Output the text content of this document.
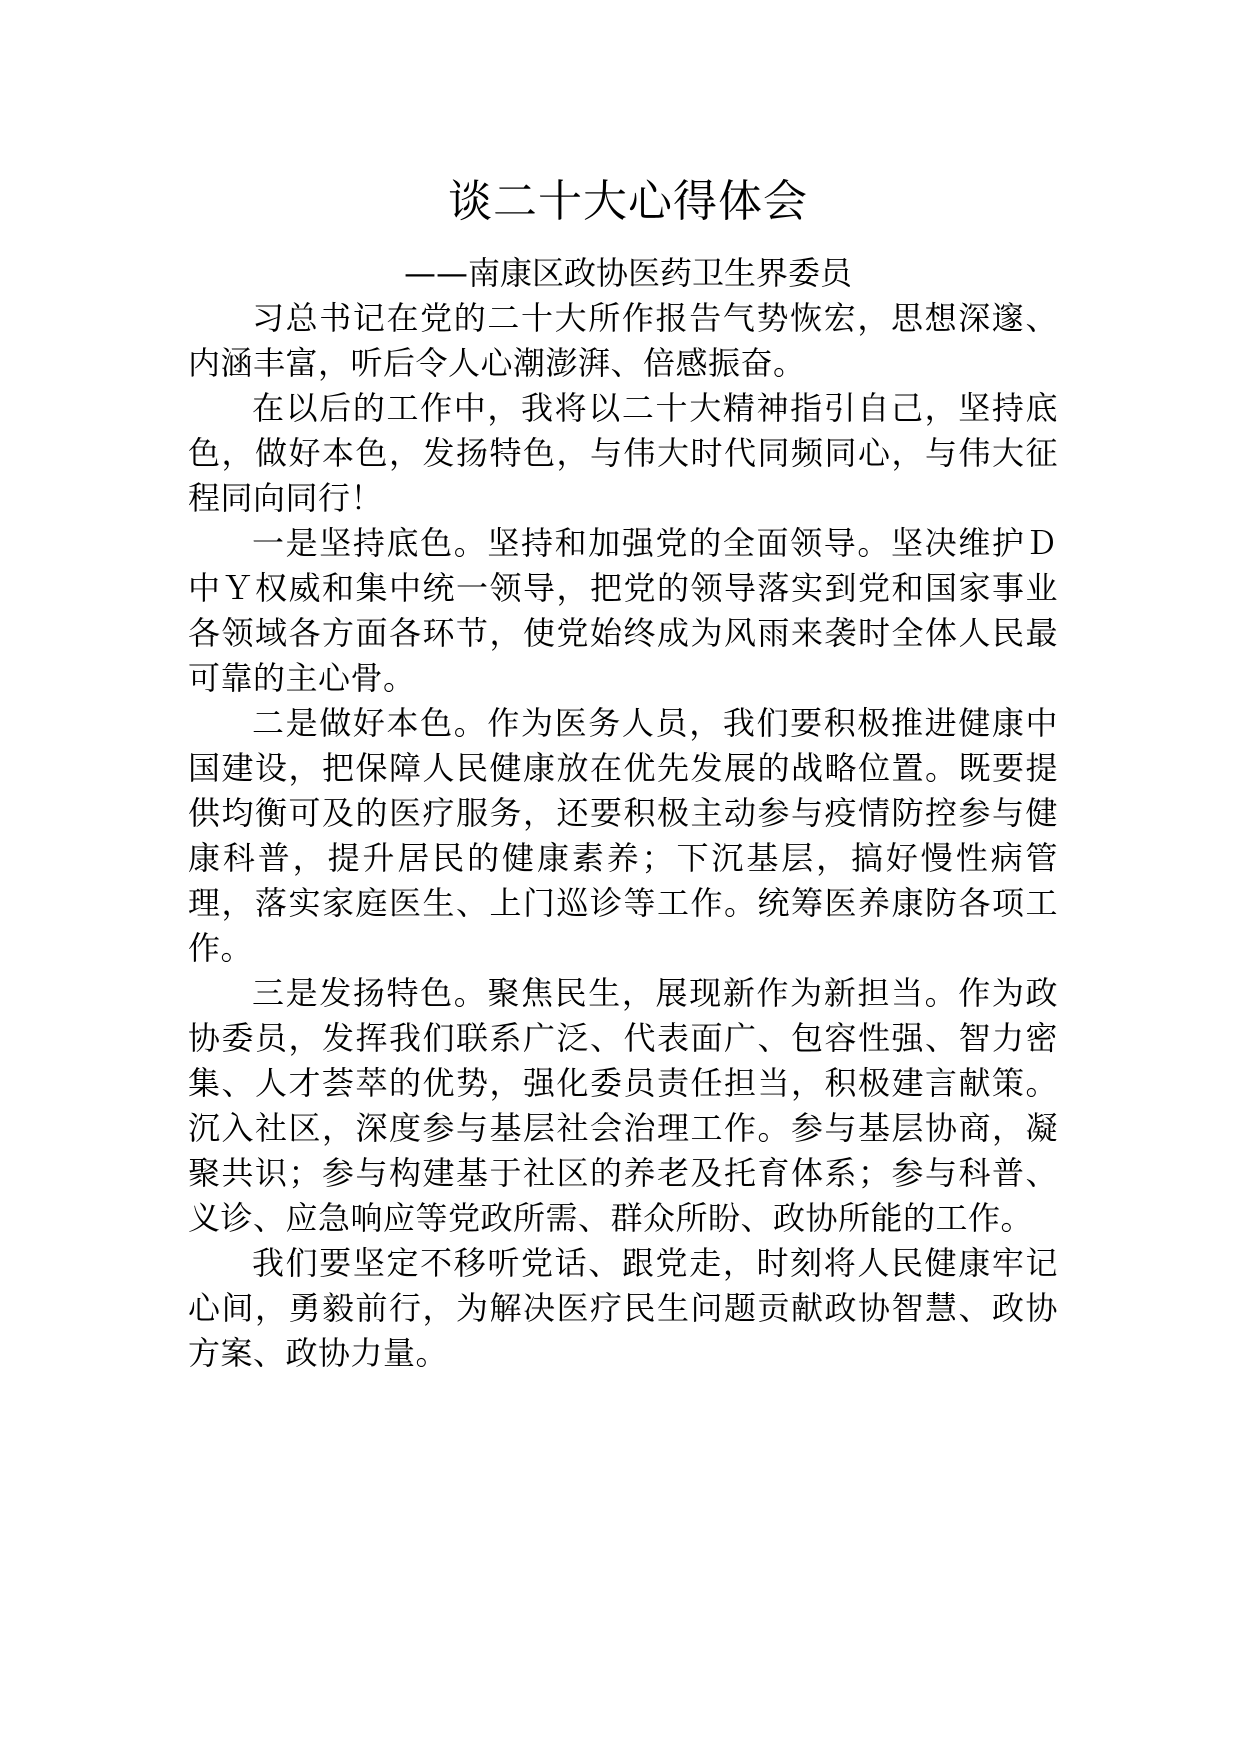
谈二十大心得体会
——南康区政协医药卫生界委员

习总书记在党的二十大所作报告气势恢宏，思想深邃、内涵丰富，听后令人心潮澎湃、倍感振奋。

在以后的工作中，我将以二十大精神指引自己，坚持底色，做好本色，发扬特色，与伟大时代同频同心，与伟大征程同向同行！

一是坚持底色。坚持和加强党的全面领导。坚决维护Ｄ中Ｙ权威和集中统一领导，把党的领导落实到党和国家事业各领域各方面各环节，使党始终成为风雨来袭时全体人民最可靠的主心骨。

二是做好本色。作为医务人员，我们要积极推进健康中国建设，把保障人民健康放在优先发展的战略位置。既要提供均衡可及的医疗服务，还要积极主动参与疫情防控参与健康科普，提升居民的健康素养；下沉基层，搞好慢性病管理，落实家庭医生、上门巡诊等工作。统筹医养康防各项工作。

三是发扬特色。聚焦民生，展现新作为新担当。作为政协委员，发挥我们联系广泛、代表面广、包容性强、智力密集、人才荟萃的优势，强化委员责任担当，积极建言献策。沉入社区，深度参与基层社会治理工作。参与基层协商，凝聚共识；参与构建基于社区的养老及托育体系；参与科普、义诊、应急响应等党政所需、群众所盼、政协所能的工作。

我们要坚定不移听党话、跟党走，时刻将人民健康牢记心间，勇毅前行，为解决医疗民生问题贡献政协智慧、政协方案、政协力量。
